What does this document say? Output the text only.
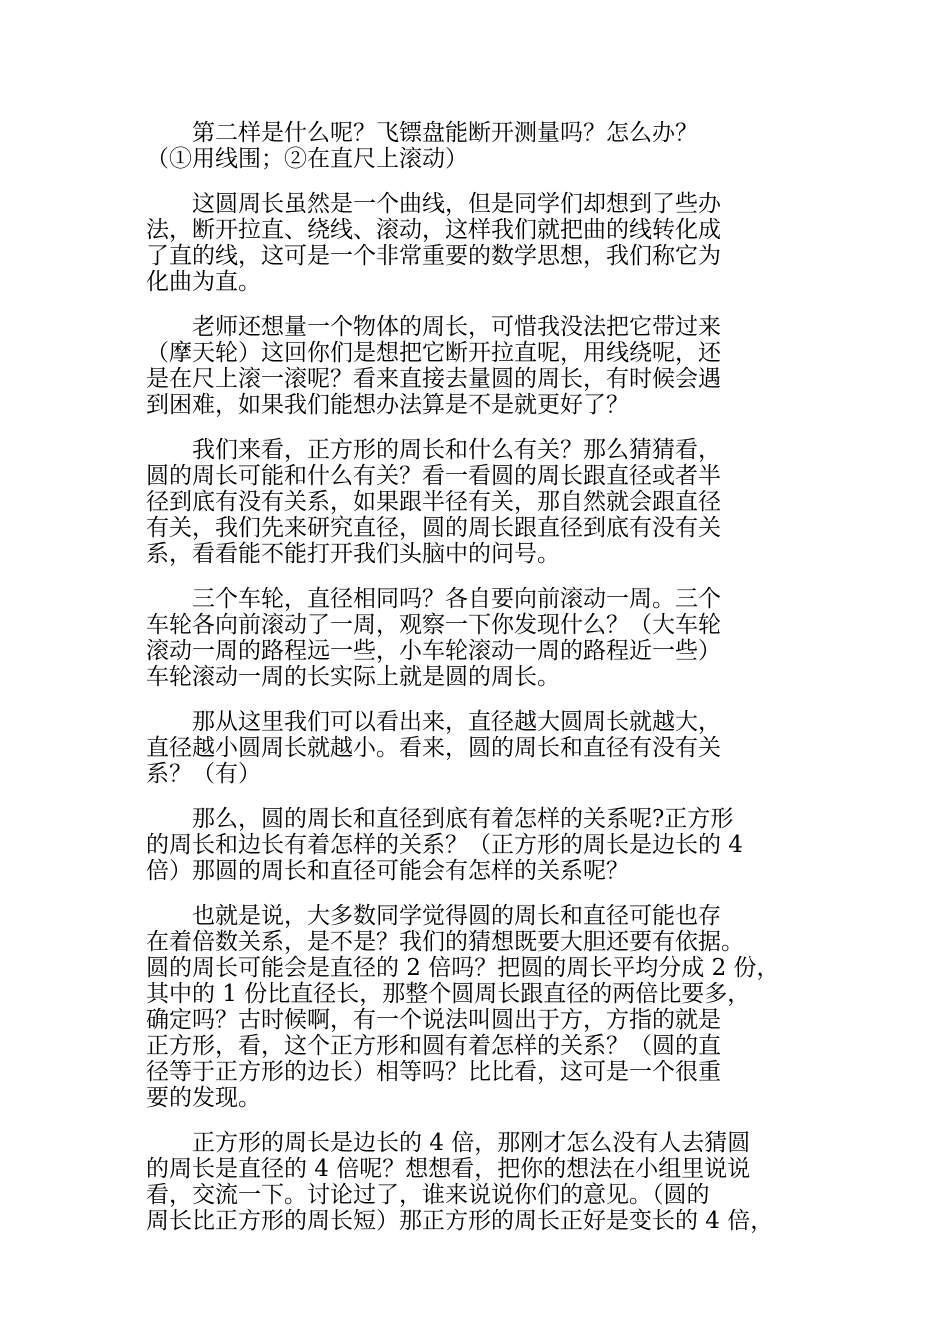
第二样是什么呢？飞镖盘能断开测量吗？怎么办？
（①用线围；②在直尺上滚动）
这圆周长虽然是一个曲线，但是同学们却想到了些办
法，断开拉直、绕线、滚动，这样我们就把曲的线转化成
了直的线，这可是一个非常重要的数学思想，我们称它为
化曲为直。
老师还想量一个物体的周长，可惜我没法把它带过来
（摩天轮）这回你们是想把它断开拉直呢，用线绕呢，还
是在尺上滚一滚呢？看来直接去量圆的周长，有时候会遇
到困难，如果我们能想办法算是不是就更好了？
我们来看，正方形的周长和什么有关？那么猜猜看，
圆的周长可能和什么有关？看一看圆的周长跟直径或者半
径到底有没有关系，如果跟半径有关，那自然就会跟直径
有关，我们先来研究直径，圆的周长跟直径到底有没有关
系，看看能不能打开我们头脑中的问号。
三个车轮，直径相同吗？各自要向前滚动一周。三个
车轮各向前滚动了一周，观察一下你发现什么？（大车轮
滚动一周的路程远一些，小车轮滚动一周的路程近一些）
车轮滚动一周的长实际上就是圆的周长。
那从这里我们可以看出来，直径越大圆周长就越大，
直径越小圆周长就越小。看来，圆的周长和直径有没有关
系？（有）
那么，圆的周长和直径到底有着怎样的关系呢?正方形
的周长和边长有着怎样的关系？（正方形的周长是边长的 4
倍）那圆的周长和直径可能会有怎样的关系呢？
也就是说，大多数同学觉得圆的周长和直径可能也存
在着倍数关系，是不是？我们的猜想既要大胆还要有依据。
圆的周长可能会是直径的 2 倍吗？把圆的周长平均分成 2 份，
其中的 1 份比直径长，那整个圆周长跟直径的两倍比要多，
确定吗？古时候啊，有一个说法叫圆出于方，方指的就是
正方形，看，这个正方形和圆有着怎样的关系？（圆的直
径等于正方形的边长）相等吗？比比看，这可是一个很重
要的发现。
正方形的周长是边长的 4 倍，那刚才怎么没有人去猜圆
的周长是直径的 4 倍呢？想想看，把你的想法在小组里说说
看，交流一下。讨论过了，谁来说说你们的意见。（圆的
周长比正方形的周长短）那正方形的周长正好是变长的 4 倍，
